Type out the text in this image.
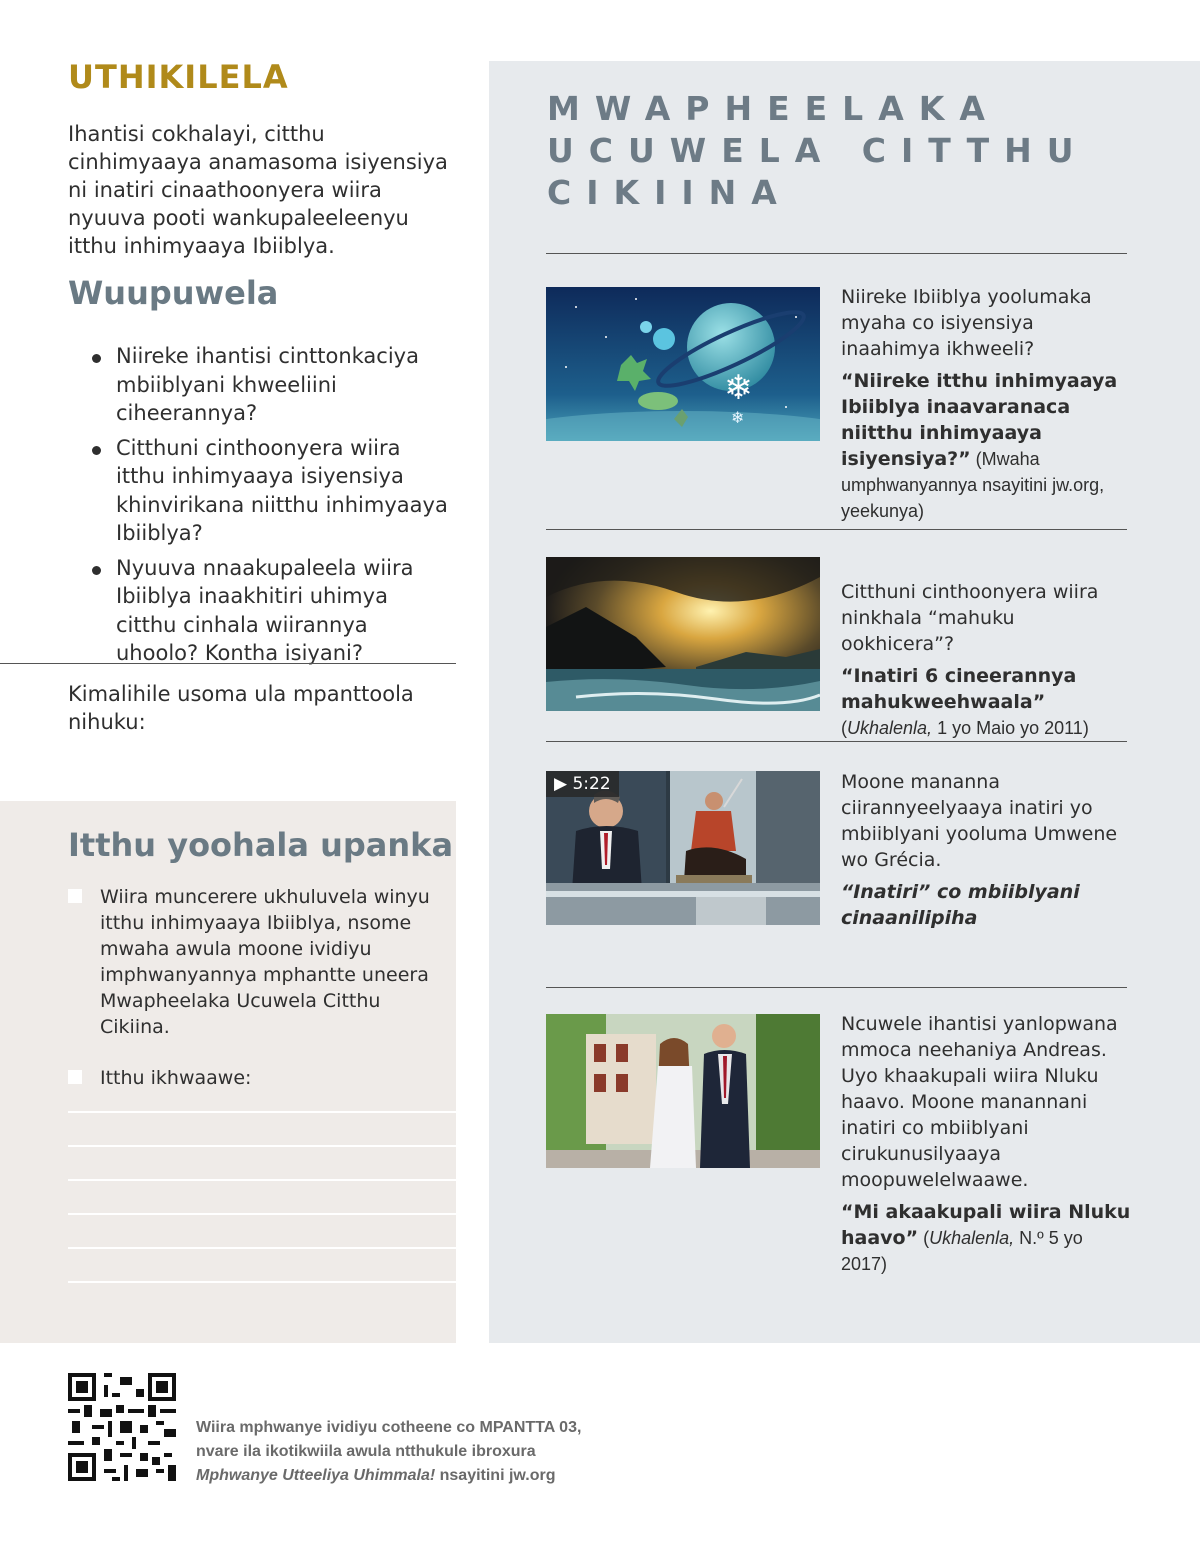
UTHIKILELA

Ihantisi cokhalayi, citthu cinhimyaaya anamasoma isiyensiya ni inatiri cinaathoonyera wiira nyuuva pooti wankupaleeleenyu itthu inhimyaaya Ibiiblya.

Wuupuwela
Niireke ihantisi cinttonkaciya mbiiblyani khweeliini ciheerannya?
Citthuni cinthoonyera wiira itthu inhimyaaya isiyensiya khinvirikana niitthu inhimyaaya Ibiiblya?
Nyuuva nnaakupaleela wiira Ibiiblya inaakhitiri uhimya citthu cinhala wiirannya uhoolo? Kontha isiyani?

Kimalihile usoma ula mpanttoola nihuku:

Itthu yoohala upanka
Wiira muncerere ukhuluvela winyu itthu inhimyaaya Ibiiblya, nsome mwaha awula moone ividiyu imphwanyannya mphantte uneera Mwapheelaka Ucuwela Citthu Cikiina.
Itthu ikhwaawe:
MWAPHEELAKA UCUWELA CITTHU CIKIINA
❄
❄
Niireke Ibiiblya yoolumaka myaha co isiyensiya inaahimya ikhweeli?
“Niireke itthu inhimyaaya Ibiiblya inaavaranaca niitthu inhimyaaya isiyensiya?” (Mwaha umphwanyannya nsayitini jw.org, yeekunya)
Citthuni cinthoonyera wiira ninkhala “mahuku ookhicera”?
“Inatiri 6 cineerannya mahukweehwaala”
(Ukhalenla, 1 yo Maio yo 2011)
▶ 5:22	Moone mananna ciirannyeelyaaya inatiri yo mbiiblyani yooluma Umwene wo Grécia.
“Inatiri” co mbiiblyani cinaanilipiha
Ncuwele ihantisi yanlopwana mmoca neehaniya Andreas. Uyo khaakupali wiira Nluku haavo. Moone manannani inatiri co mbiiblyani cirukunusilyaaya moopuwelelwaawe.
“Mi akaakupali wiira Nluku haavo” (Ukhalenla, N.º 5 yo 2017)
Wiira mphwanye ividiyu cotheene co MPANTTA 03,
nvare ila ikotikwiila awula ntthukule ibroxura
Mphwanye Utteeliya Uhimmala! nsayitini jw.org
